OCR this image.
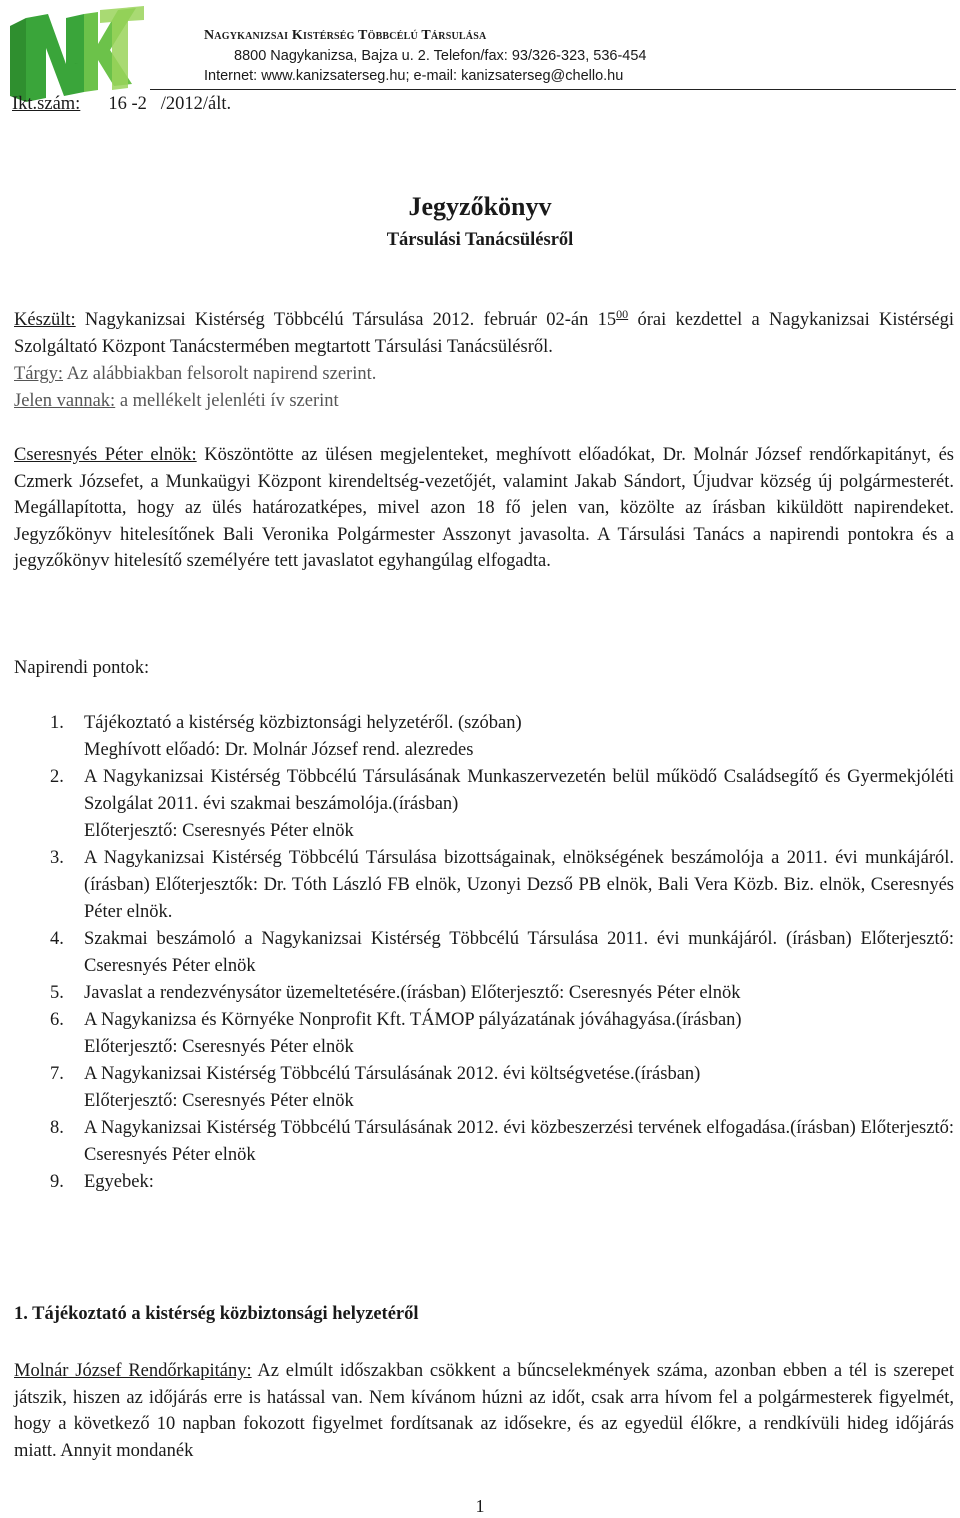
NKTT
Nagykanizsai Kistérség Többcélú Társulása
8800 Nagykanizsa, Bajza u. 2. Telefon/fax: 93/326-323, 536-454
Internet: www.kanizsaterseg.hu; e-mail: kanizsaterseg@chello.hu
Ikt.szám: 16 -2   /2012/ált.
Jegyzőkönyv
Társulási Tanácsülésről

Készült: Nagykanizsai Kistérség Többcélú Társulása 2012. február 02-án $15^{00}$ órai kezdettel a Nagykanizsai Kistérségi Szolgáltató Központ Tanácstermében megtartott Társulási Tanácsülésről.

Tárgy: Az alábbiakban felsorolt napirend szerint.

Jelen vannak: a mellékelt jelenléti ív szerint

Cseresnyés Péter elnök: Köszöntötte az ülésen megjelenteket, meghívott előadókat, Dr. Molnár József rendőrkapitányt, és Czmerk Józsefet, a Munkaügyi Központ kirendeltség-vezetőjét, valamint Jakab Sándort, Újudvar község új polgármesterét. Megállapította, hogy az ülés határozatképes, mivel azon 18 fő jelen van, közölte az írásban kiküldött napirendeket. Jegyzőkönyv hitelesítőnek Bali Veronika Polgármester Asszonyt javasolta. A Társulási Tanács a napirendi pontokra és a jegyzőkönyv hitelesítő személyére tett javaslatot egyhangúlag elfogadta.

Napirendi pontok:
1. Tájékoztató a kistérség közbiztonsági helyzetéről. (szóban)
Meghívott előadó: Dr. Molnár József rend. alezredes
2. A Nagykanizsai Kistérség Többcélú Társulásának Munkaszervezetén belül működő Családsegítő és Gyermekjóléti Szolgálat 2011. évi szakmai beszámolója.(írásban)
Előterjesztő: Cseresnyés Péter elnök
3. A Nagykanizsai Kistérség Többcélú Társulása bizottságainak, elnökségének beszámolója a 2011. évi munkájáról. (írásban) Előterjesztők: Dr. Tóth László FB elnök, Uzonyi Dezső PB elnök, Bali Vera Közb. Biz. elnök, Cseresnyés Péter elnök.
4. Szakmai beszámoló a Nagykanizsai Kistérség Többcélú Társulása 2011. évi munkájáról. (írásban) Előterjesztő: Cseresnyés Péter elnök
5. Javaslat a rendezvénysátor üzemeltetésére.(írásban) Előterjesztő: Cseresnyés Péter elnök
6. A Nagykanizsa és Környéke Nonprofit Kft. TÁMOP pályázatának jóváhagyása.(írásban)
Előterjesztő: Cseresnyés Péter elnök
7. A Nagykanizsai Kistérség Többcélú Társulásának 2012. évi költségvetése.(írásban)
Előterjesztő: Cseresnyés Péter elnök
8. A Nagykanizsai Kistérség Többcélú Társulásának 2012. évi közbeszerzési tervének elfogadása.(írásban) Előterjesztő: Cseresnyés Péter elnök
9. Egyebek:
1. Tájékoztató a kistérség közbiztonsági helyzetéről

Molnár József Rendőrkapitány: Az elmúlt időszakban csökkent a bűncselekmények száma, azonban ebben a tél is szerepet játszik, hiszen az időjárás erre is hatással van. Nem kívánom húzni az időt, csak arra hívom fel a polgármesterek figyelmét, hogy a következő 10 napban fokozott figyelmet fordítsanak az idősekre, és az egyedül élőkre, a rendkívüli hideg időjárás miatt. Annyit mondanék

1
